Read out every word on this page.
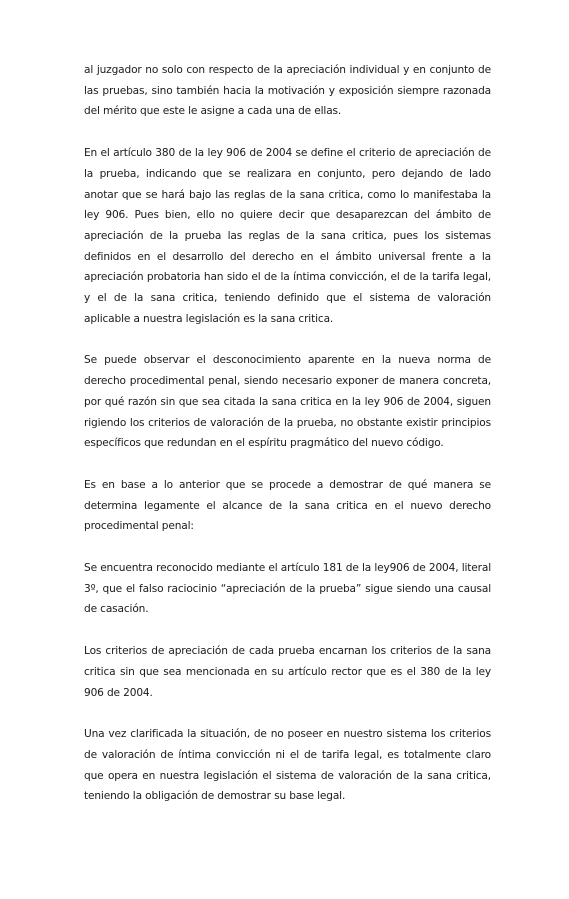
al juzgador no solo con respecto de la apreciación individual y en conjunto de las pruebas, sino también hacia la motivación y exposición siempre razonada del mérito que este le asigne a cada una de ellas.

En el artículo 380 de la ley 906 de 2004 se define el criterio de apreciación de la prueba, indicando que se realizara en conjunto, pero dejando de lado anotar que se hará bajo las reglas de la sana critica, como lo manifestaba la ley 906. Pues bien, ello no quiere decir que desaparezcan del ámbito de apreciación de la prueba las reglas de la sana critica, pues los sistemas definidos en el desarrollo del derecho en el ámbito universal frente a la apreciación probatoria han sido el de la íntima convicción, el de la tarifa legal, y el de la sana critica, teniendo definido que el sistema de valoración aplicable a nuestra legislación es la sana critica.

Se puede observar el desconocimiento aparente en la nueva norma de derecho procedimental penal, siendo necesario exponer de manera concreta, por qué razón sin que sea citada la sana critica en la ley 906 de 2004, siguen rigiendo los criterios de valoración de la prueba, no obstante existir principios específicos que redundan en el espíritu pragmático del nuevo código.

Es en base a lo anterior que se procede a demostrar de qué manera se determina legamente el alcance de la sana critica en el nuevo derecho procedimental penal:

Se encuentra reconocido mediante el artículo 181 de la ley906 de 2004, literal 3º, que el falso raciocinio “apreciación de la prueba” sigue siendo una causal de casación.

Los criterios de apreciación de cada prueba encarnan los criterios de la sana critica sin que sea mencionada en su artículo rector que es el 380 de la ley 906 de 2004.

Una vez clarificada la situación, de no poseer en nuestro sistema los criterios de valoración de íntima convicción ni el de tarifa legal, es totalmente claro que opera en nuestra legislación el sistema de valoración de la sana critica, teniendo la obligación de demostrar su base legal.
